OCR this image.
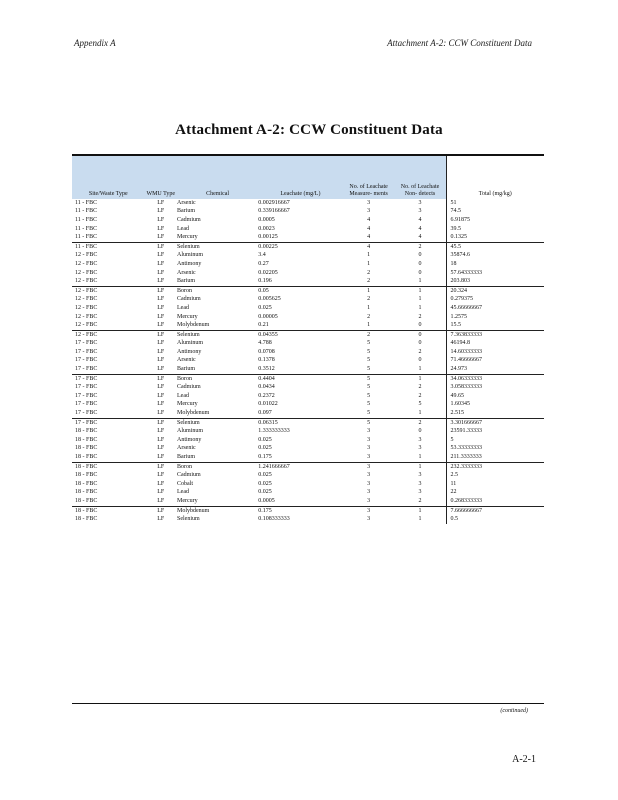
Appendix A	Attachment A-2: CCW Constituent Data
Attachment A-2: CCW Constituent Data
Site/Waste Type	WMU Type	Chemical	Leachate (mg/L)	No. of Leachate Measure- ments	No. of Leachate Non- detects	Total (mg/kg)
11 - FBC	LF	Arsenic	0.002916667	3	3	51
11 - FBC	LF	Barium	0.339166667	3	3	74.5
11 - FBC	LF	Cadmium	0.0005	4	4	6.91875
11 - FBC	LF	Lead	0.0023	4	4	39.5
11 - FBC	LF	Mercury	0.00125	4	4	0.1325
11 - FBC	LF	Selenium	0.00225	4	2	45.5
12 - FBC	LF	Aluminum	3.4	1	0	35874.6
12 - FBC	LF	Antimony	0.27	1	0	18
12 - FBC	LF	Arsenic	0.02205	2	0	57.64333333
12 - FBC	LF	Barium	0.196	2	1	203.803
12 - FBC	LF	Boron	0.05	1	1	20.324
12 - FBC	LF	Cadmium	0.005625	2	1	0.279375
12 - FBC	LF	Lead	0.025	1	1	45.66666667
12 - FBC	LF	Mercury	0.00005	2	2	1.2575
12 - FBC	LF	Molybdenum	0.21	1	0	15.5
12 - FBC	LF	Selenium	0.04355	2	0	7.363833333
17 - FBC	LF	Aluminum	4.788	5	0	46194.8
17 - FBC	LF	Antimony	0.0708	5	2	14.60333333
17 - FBC	LF	Arsenic	0.1378	5	0	71.46666667
17 - FBC	LF	Barium	0.3512	5	1	24.973
17 - FBC	LF	Boron	0.4404	5	1	34.06333333
17 - FBC	LF	Cadmium	0.0434	5	2	3.058333333
17 - FBC	LF	Lead	0.2372	5	2	49.65
17 - FBC	LF	Mercury	0.01022	5	5	1.60345
17 - FBC	LF	Molybdenum	0.097	5	1	2.515
17 - FBC	LF	Selenium	0.06315	5	2	3.301666667
18 - FBC	LF	Aluminum	1.333333333	3	0	23591.33333
18 - FBC	LF	Antimony	0.025	3	3	5
18 - FBC	LF	Arsenic	0.025	3	3	53.33333333
18 - FBC	LF	Barium	0.175	3	1	211.3333333
18 - FBC	LF	Boron	1.241666667	3	1	232.3333333
18 - FBC	LF	Cadmium	0.025	3	3	2.5
18 - FBC	LF	Cobalt	0.025	3	3	11
18 - FBC	LF	Lead	0.025	3	3	22
18 - FBC	LF	Mercury	0.0005	3	2	0.268333333
18 - FBC	LF	Molybdenum	0.175	3	1	7.666666667
18 - FBC	LF	Selenium	0.108333333	3	1	0.5
(continued)
A-2-1
